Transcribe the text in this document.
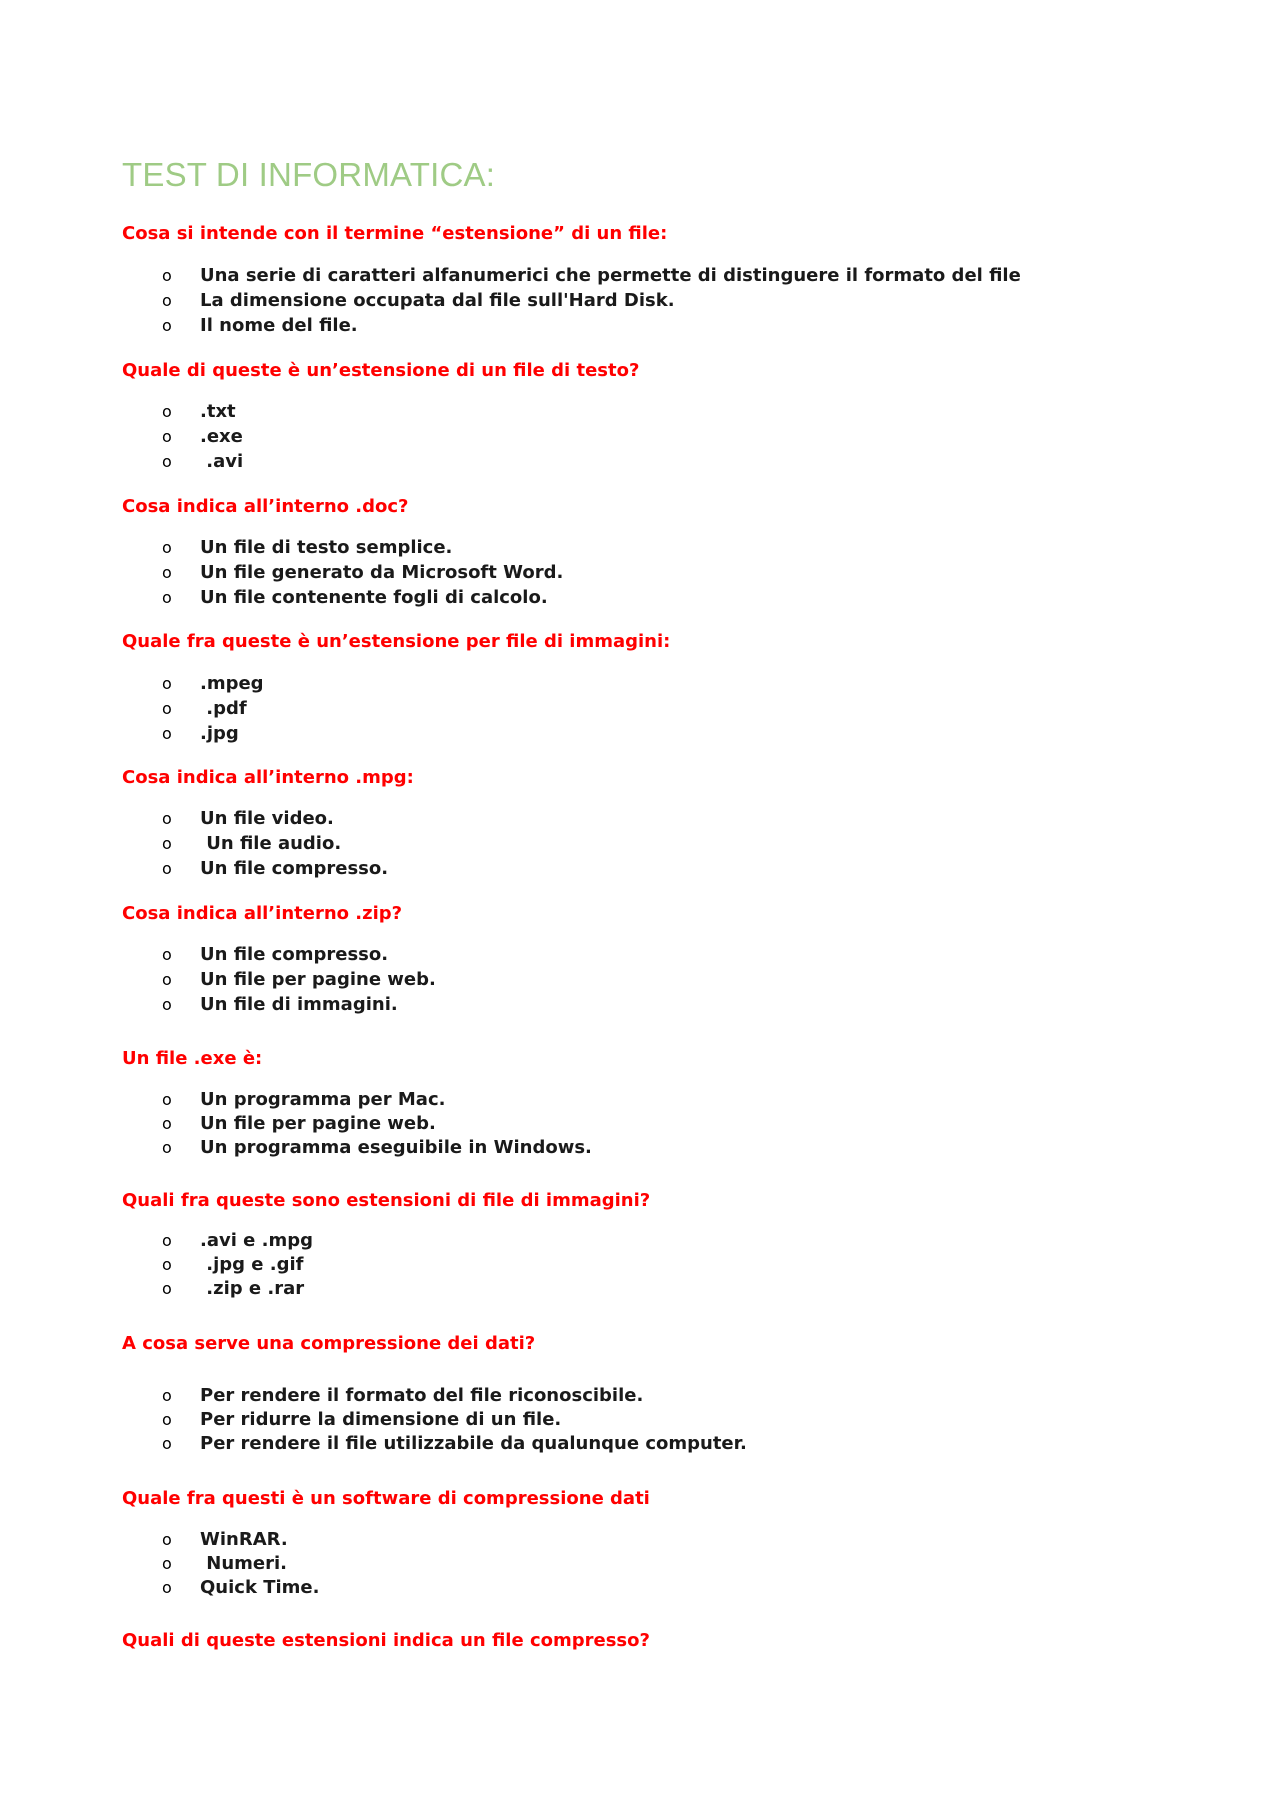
TEST DI INFORMATICA:

Cosa si intende con il termine “estensione” di un file:

o Una serie di caratteri alfanumerici che permette di distinguere il formato del file
o La dimensione occupata dal file sull'Hard Disk.
o Il nome del file.

Quale di queste è un’estensione di un file di testo?

o .txt
o .exe
o .avi

Cosa indica all’interno .doc?

o Un file di testo semplice.
o Un file generato da Microsoft Word.
o Un file contenente fogli di calcolo.

Quale fra queste è un’estensione per file di immagini:

o .mpeg
o .pdf
o .jpg

Cosa indica all’interno .mpg:

o Un file video.
o Un file audio.
o Un file compresso.

Cosa indica all’interno .zip?

o Un file compresso.
o Un file per pagine web.
o Un file di immagini.

Un file .exe è:

o Un programma per Mac.
o Un file per pagine web.
o Un programma eseguibile in Windows.

Quali fra queste sono estensioni di file di immagini?

o .avi e .mpg
o .jpg e .gif
o .zip e .rar

A cosa serve una compressione dei dati?

o Per rendere il formato del file riconoscibile.
o Per ridurre la dimensione di un file.
o Per rendere il file utilizzabile da qualunque computer.

Quale fra questi è un software di compressione dati

o WinRAR.
o Numeri.
o Quick Time.

Quali di queste estensioni indica un file compresso?
